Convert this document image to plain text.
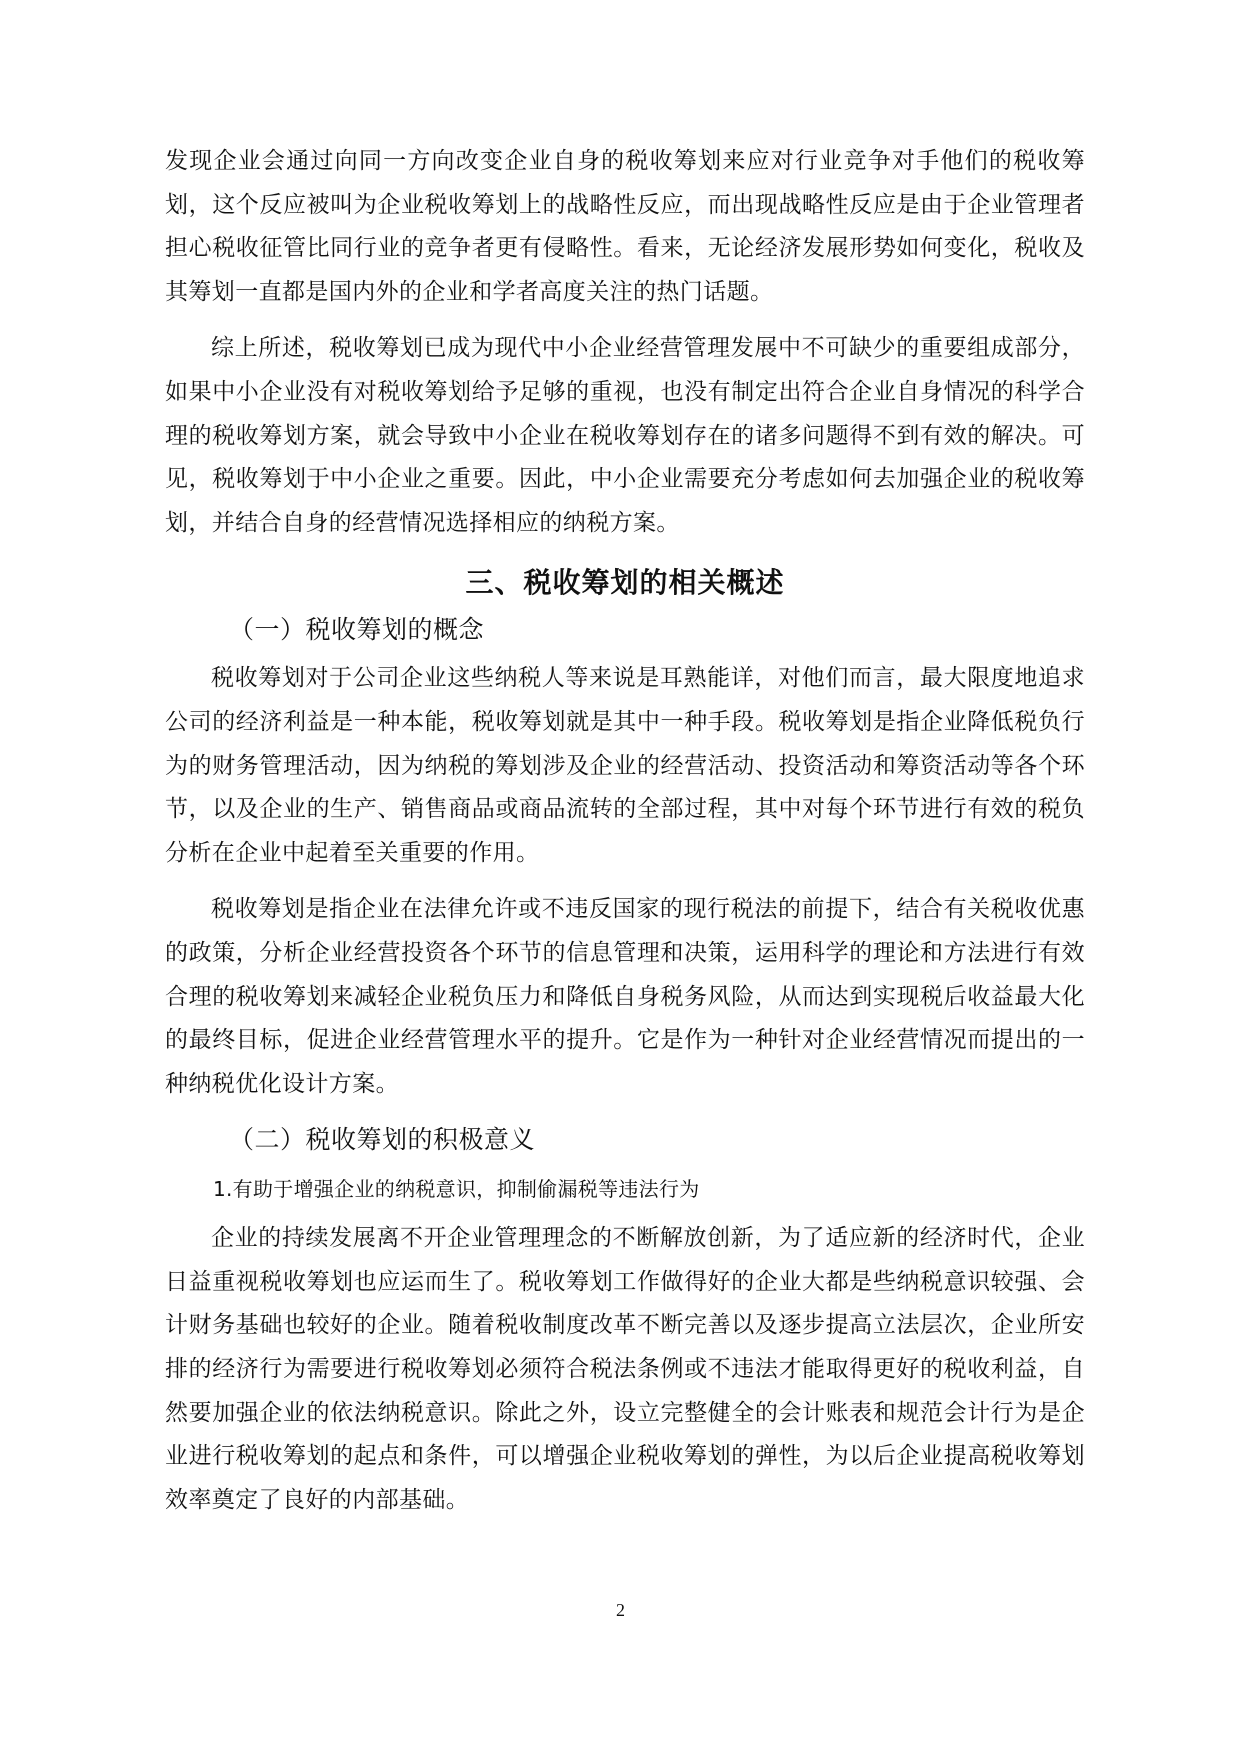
发现企业会通过向同一方向改变企业自身的税收筹划来应对行业竞争对手他们的税收筹划，这个反应被叫为企业税收筹划上的战略性反应，而出现战略性反应是由于企业管理者担心税收征管比同行业的竞争者更有侵略性。看来，无论经济发展形势如何变化，税收及其筹划一直都是国内外的企业和学者高度关注的热门话题。

综上所述，税收筹划已成为现代中小企业经营管理发展中不可缺少的重要组成部分，如果中小企业没有对税收筹划给予足够的重视，也没有制定出符合企业自身情况的科学合理的税收筹划方案，就会导致中小企业在税收筹划存在的诸多问题得不到有效的解决。可见，税收筹划于中小企业之重要。因此，中小企业需要充分考虑如何去加强企业的税收筹划，并结合自身的经营情况选择相应的纳税方案。

三、税收筹划的相关概述
（一）税收筹划的概念

税收筹划对于公司企业这些纳税人等来说是耳熟能详，对他们而言，最大限度地追求公司的经济利益是一种本能，税收筹划就是其中一种手段。税收筹划是指企业降低税负行为的财务管理活动，因为纳税的筹划涉及企业的经营活动、投资活动和筹资活动等各个环节，以及企业的生产、销售商品或商品流转的全部过程，其中对每个环节进行有效的税负分析在企业中起着至关重要的作用。

税收筹划是指企业在法律允许或不违反国家的现行税法的前提下，结合有关税收优惠的政策，分析企业经营投资各个环节的信息管理和决策，运用科学的理论和方法进行有效合理的税收筹划来减轻企业税负压力和降低自身税务风险，从而达到实现税后收益最大化的最终目标，促进企业经营管理水平的提升。它是作为一种针对企业经营情况而提出的一种纳税优化设计方案。

（二）税收筹划的积极意义
1.有助于增强企业的纳税意识，抑制偷漏税等违法行为

企业的持续发展离不开企业管理理念的不断解放创新，为了适应新的经济时代，企业日益重视税收筹划也应运而生了。税收筹划工作做得好的企业大都是些纳税意识较强、会计财务基础也较好的企业。随着税收制度改革不断完善以及逐步提高立法层次，企业所安排的经济行为需要进行税收筹划必须符合税法条例或不违法才能取得更好的税收利益，自然要加强企业的依法纳税意识。除此之外，设立完整健全的会计账表和规范会计行为是企业进行税收筹划的起点和条件，可以增强企业税收筹划的弹性，为以后企业提高税收筹划效率奠定了良好的内部基础。

2
